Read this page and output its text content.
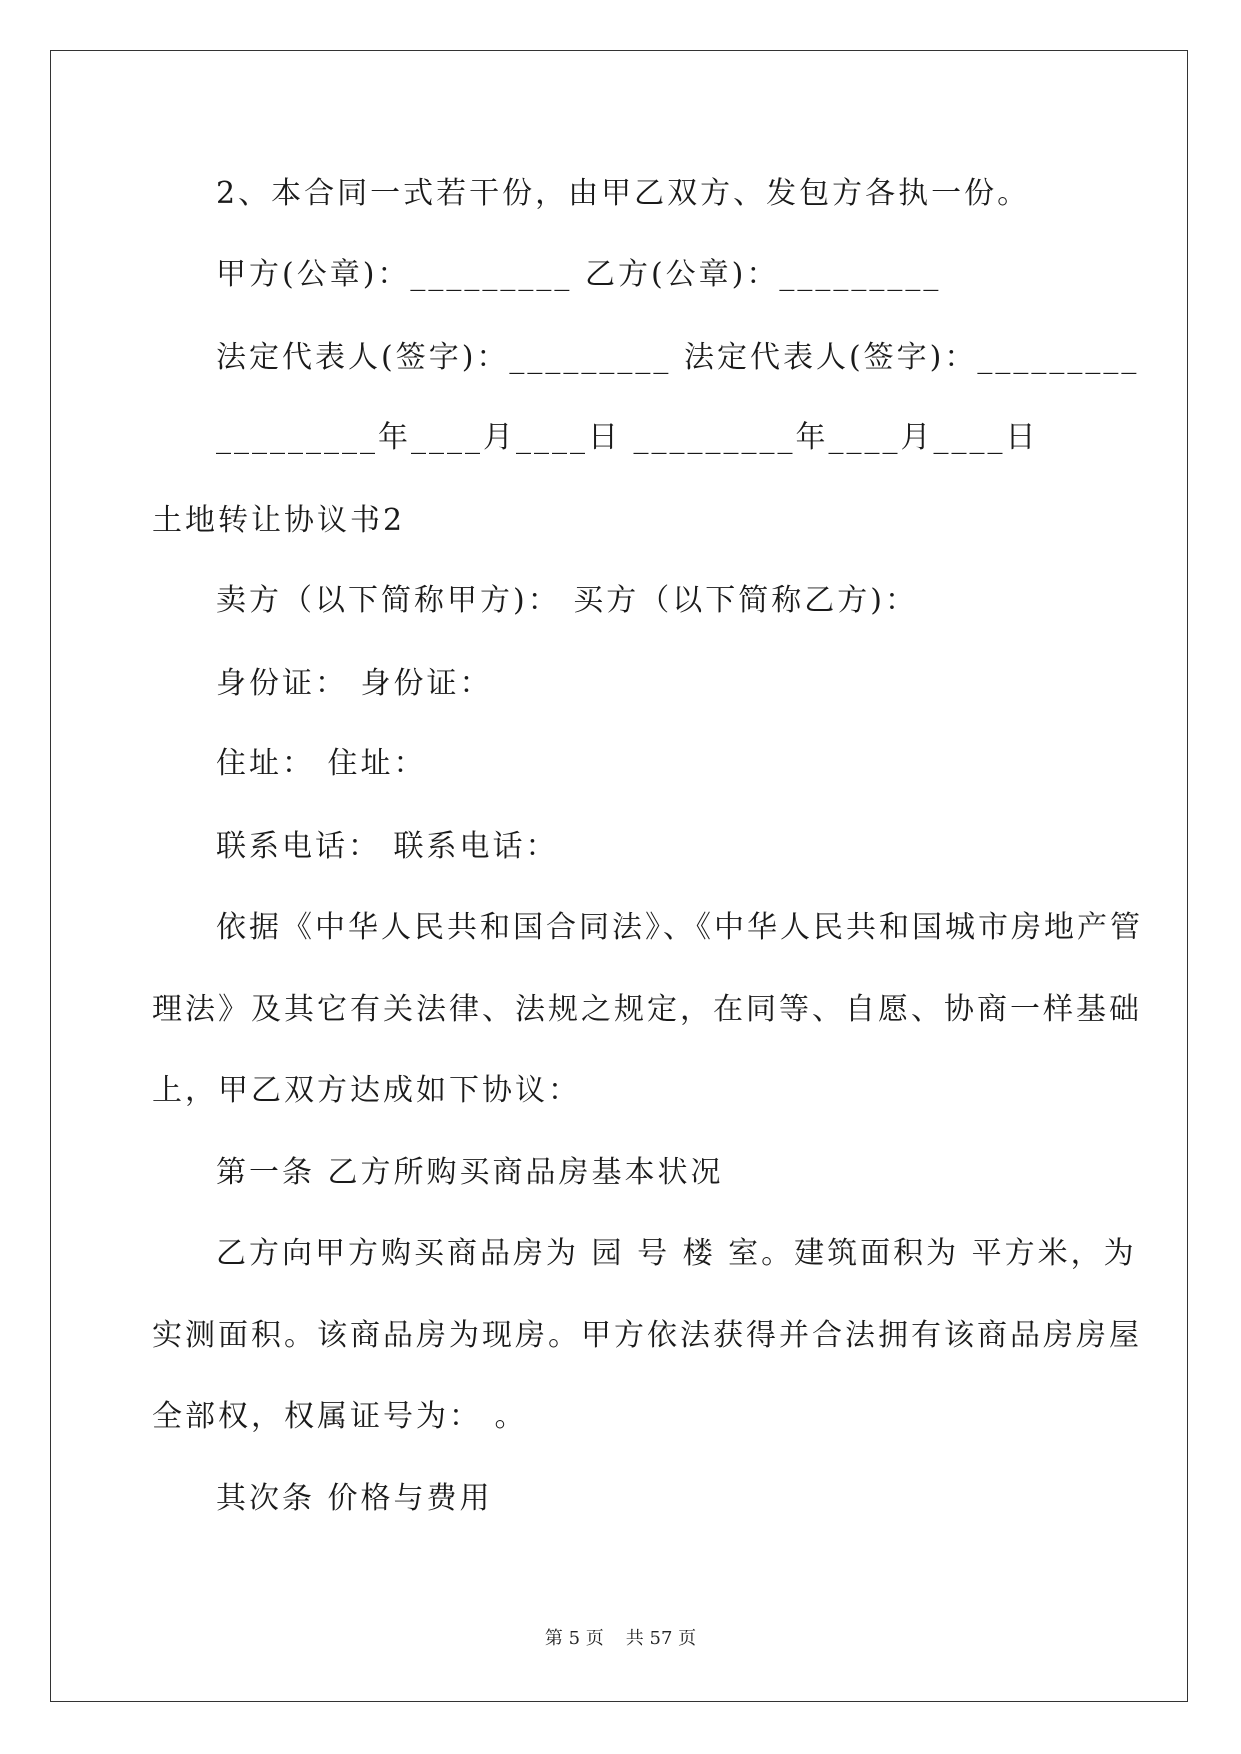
2、本合同一式若干份，由甲乙双方、发包方各执一份。
甲方(公章)：_________ 乙方(公章)：_________
法定代表人(签字)：_________ 法定代表人(签字)：_________
_________年____月____日 _________年____月____日
土地转让协议书2
卖方（以下简称甲方)： 买方（以下简称乙方)：
身份证： 身份证：
住址： 住址：
联系电话： 联系电话：
依据《中华人民共和国合同法》、《中华人民共和国城市房地产管
理法》及其它有关法律、法规之规定，在同等、自愿、协商一样基础
上，甲乙双方达成如下协议：
第一条 乙方所购买商品房基本状况
乙方向甲方购买商品房为 园 号 楼 室。建筑面积为 平方米，为
实测面积。该商品房为现房。甲方依法获得并合法拥有该商品房房屋
全部权，权属证号为： 。
其次条 价格与费用
第 5 页 共 57 页
